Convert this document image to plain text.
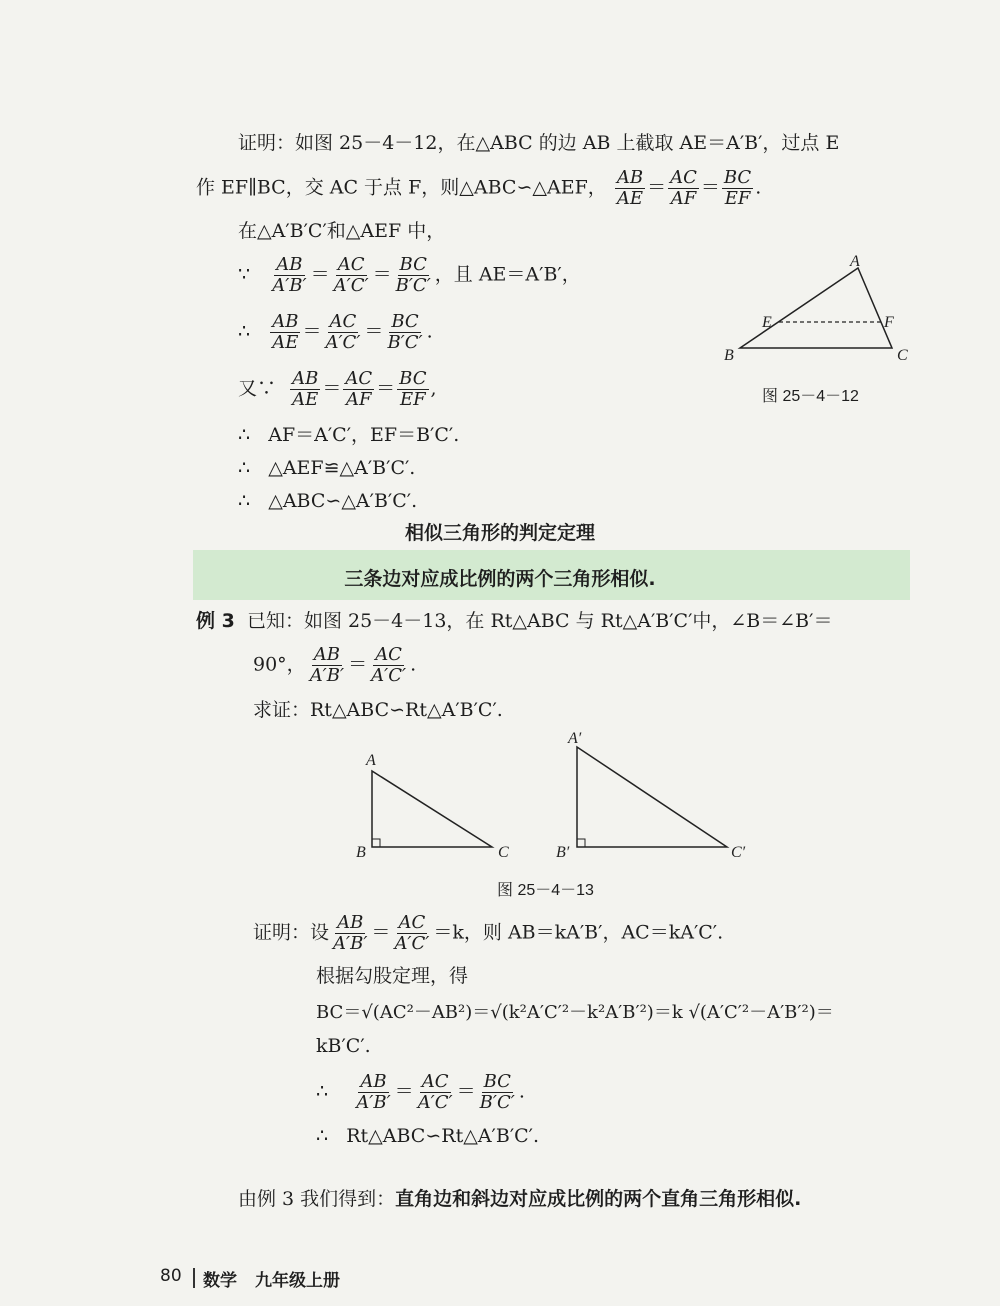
证明：如图 25－4－12，在△ABC 的边 AB 上截取 AE＝A′B′，过点 E
作 EF∥BC，交 AC 于点 F，则△ABC∽△AEF， $\frac{AB}{AE} = \frac{AC}{AF} = \frac{BC}{EF}$ .
在△A′B′C′和△AEF 中，
∵ $\frac{AB}{A'B'} = \frac{AC}{A'C'} = \frac{BC}{B'C'}$ ，且 AE＝A′B′，
∴ $\frac{AB}{AE} = \frac{AC}{A'C'} = \frac{BC}{B'C'}$ .
又∵ $\frac{AB}{AE} = \frac{AC}{AF} = \frac{BC}{EF}$ ,
∴ AF＝A′C′，EF＝B′C′.
∴ △AEF≌△A′B′C′.
∴ △ABC∽△A′B′C′.
A
B	C
E	F
图 25－4－12
相似三角形的判定定理
三条边对应成比例的两个三角形相似.
例 3 已知：如图 25－4－13，在 Rt△ABC 与 Rt△A′B′C′中，∠B＝∠B′＝
90°， $\frac{AB}{A'B'} = \frac{AC}{A'C'}$ .
求证：Rt△ABC∽Rt△A′B′C′.
A
B	C
A′
B′	C′
图 25－4－13
证明：设 $\frac{AB}{A'B'} = \frac{AC}{A'C'} =k$，则 AB＝kA′B′，AC＝kA′C′.
根据勾股定理，得
BC＝√(AC²－AB²)＝√(k²A′C′²－k²A′B′²)＝k √(A′C′²－A′B′²)＝
kB′C′.
∴ $\frac{AB}{A'B'} = \frac{AC}{A'C'} = \frac{BC}{B'C'}$ .
∴ Rt△ABC∽Rt△A′B′C′.
由例 3 我们得到：直角边和斜边对应成比例的两个直角三角形相似.
80 数学 九年级上册
